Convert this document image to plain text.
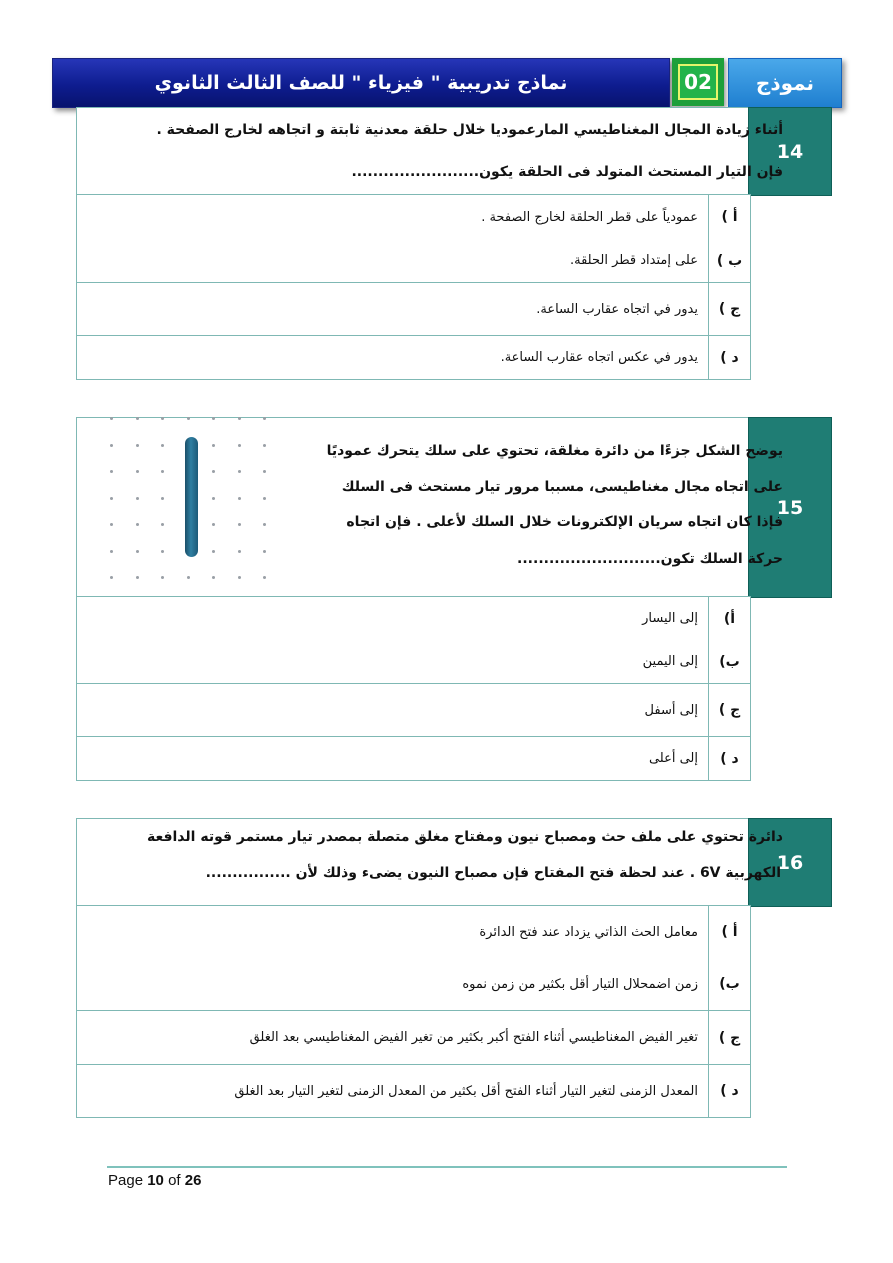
نماذج تدريبية " فيزياء " للصف الثالث الثانوي	02	نموذج
14
أثناء زيادة المجال المغناطيسي المارعموديا خلال حلقة معدنية ثابتة و اتجاهه لخارج الصفحة .
فإن التيار المستحث المتولد فى الحلقة يكون........................
أ )
عمودياً على قطر الحلقة لخارج الصفحة .
ب )
على إمتداد قطر الحلقة.
ج )
يدور في اتجاه عقارب الساعة.
د )
يدور في عكس اتجاه عقارب الساعة.
15
يوضح الشكل جزءًا من دائرة مغلقة، تحتوي على سلك يتحرك عموديًا
على اتجاه مجال مغناطيسى، مسببا مرور تيار مستحث فى السلك
فإذا كان اتجاه سريان الإلكترونات خلال السلك لأعلى . فإن اتجاه
حركة السلك تكون...........................
أ)
إلى اليسار
ب)
إلى اليمين
ج )
إلى أسفل
د )
إلى أعلى
16
دائرة تحتوي على ملف حث ومصباح نيون ومفتاح مغلق متصلة بمصدر تيار مستمر قوته الدافعة
الكهربية 6V . عند لحظة فتح المفتاح فإن مصباح النيون يضىء وذلك لأن ................
أ )
معامل الحث الذاتي يزداد عند فتح الدائرة
ب)
زمن اضمحلال التيار أقل بكثير من زمن نموه
ج )
تغير الفيض المغناطيسي أثناء الفتح أكبر بكثير من تغير الفيض المغناطيسي بعد الغلق
د )
المعدل الزمنى لتغير التيار أثناء الفتح أقل بكثير من المعدل الزمنى لتغير التيار بعد الغلق
Page 10 of 26
